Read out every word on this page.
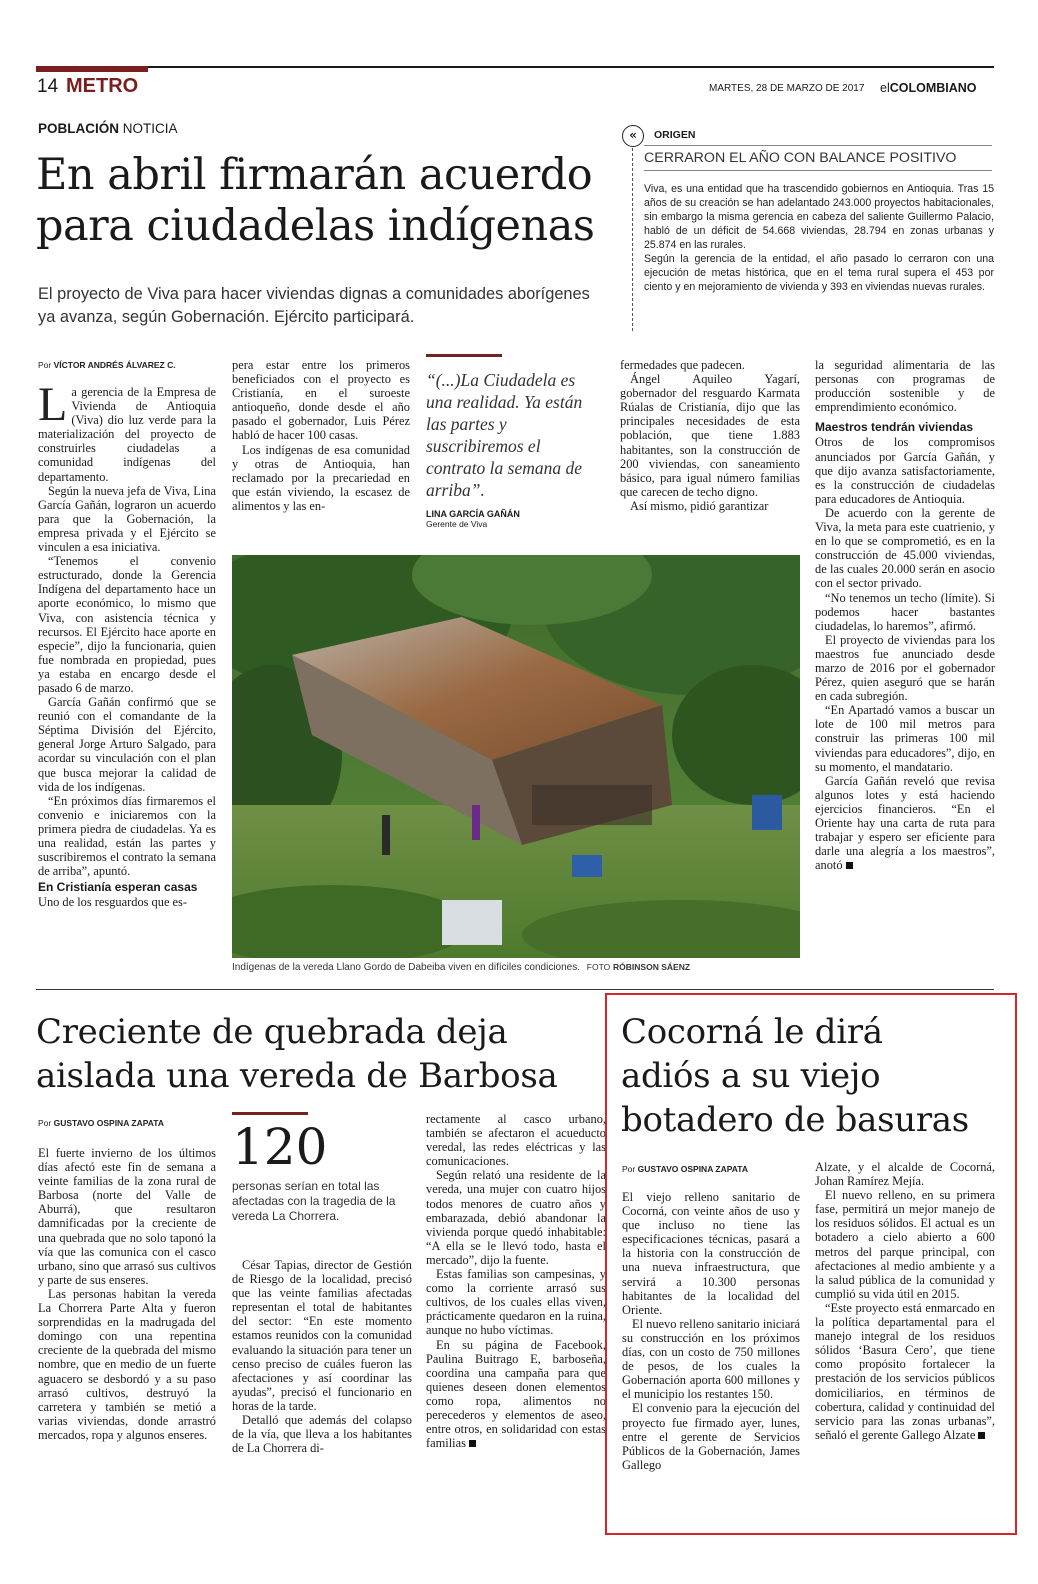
14 METRO	MARTES, 28 DE MARZO DE 2017 elCOLOMBIANO
POBLACIÓN NOTICIA
En abril firmarán acuerdo
para ciudadelas indígenas
El proyecto de Viva para hacer viviendas dignas a comunidades aborígenes ya avanza, según Gobernación. Ejército participará.
«	ORIGEN
CERRARON EL AÑO CON BALANCE POSITIVO
Viva, es una entidad que ha trascendido gobiernos en Antioquia. Tras 15 años de su creación se han adelantado 243.000 proyectos habitacionales, sin embargo la misma gerencia en cabeza del saliente Guillermo Palacio, habló de un déficit de 54.668 viviendas, 28.794 en zonas urbanas y 25.874 en las rurales.
Según la gerencia de la entidad, el año pasado lo cerraron con una ejecución de metas histórica, que en el tema rural supera el 453 por ciento y en mejoramiento de vivienda y 393 en viviendas nuevas rurales.
Por VÍCTOR ANDRÉS ÁLVAREZ C.

La gerencia de la Empresa de Vivienda de Antioquia (Viva) dio luz verde para la materialización del proyecto de construirles ciudadelas a comunidad indígenas del departamento.

Según la nueva jefa de Viva, Lina García Gañán, lograron un acuerdo para que la Gobernación, la empresa privada y el Ejército se vinculen a esa iniciativa.

“Tenemos el convenio estructurado, donde la Gerencia Indígena del departamento hace un aporte económico, lo mismo que Viva, con asistencia técnica y recursos. El Ejército hace aporte en especie”, dijo la funcionaria, quien fue nombrada en propiedad, pues ya estaba en encargo desde el pasado 6 de marzo.

García Gañán confirmó que se reunió con el comandante de la Séptima División del Ejército, general Jorge Arturo Salgado, para acordar su vinculación con el plan que busca mejorar la calidad de vida de los indígenas.

“En próximos días firmaremos el convenio e iniciaremos con la primera piedra de ciudadelas. Ya es una realidad, están las partes y suscribiremos el contrato la semana de arriba”, apuntó.

En Cristianía esperan casas

Uno de los resguardos que es-

pera estar entre los primeros beneficiados con el proyecto es Cristianía, en el suroeste antioqueño, donde desde el año pasado el gobernador, Luis Pérez habló de hacer 100 casas.

Los indígenas de esa comunidad y otras de Antioquia, han reclamado por la precariedad en que están viviendo, la escasez de alimentos y las en-

“(...)La Ciudadela es una realidad. Ya están las partes y suscribiremos el contrato la semana de arriba”.
LINA GARCÍA GAÑÁN
Gerente de Viva

fermedades que padecen.

Ángel Aquileo Yagarí, gobernador del resguardo Karmata Rúalas de Cristianía, dijo que las principales necesidades de esta población, que tiene 1.883 habitantes, son la construcción de 200 viviendas, con saneamiento básico, para igual número familias que carecen de techo digno.

Así mismo, pidió garantizar

la seguridad alimentaria de las personas con programas de producción sostenible y de emprendimiento económico.

Maestros tendrán viviendas

Otros de los compromisos anunciados por García Gañán, y que dijo avanza satisfactoriamente, es la construcción de ciudadelas para educadores de Antioquia.

De acuerdo con la gerente de Viva, la meta para este cuatrienio, y en lo que se comprometió, es en la construcción de 45.000 viviendas, de las cuales 20.000 serán en asocio con el sector privado.

“No tenemos un techo (límite). Si podemos hacer bastantes ciudadelas, lo haremos”, afirmó.

El proyecto de viviendas para los maestros fue anunciado desde marzo de 2016 por el gobernador Pérez, quien aseguró que se harán en cada subregión.

“En Apartadó vamos a buscar un lote de 100 mil metros para construir las primeras 100 mil viviendas para educadores”, dijo, en su momento, el mandatario.

García Gañán reveló que revisa algunos lotes y está haciendo ejercicios financieros. “En el Oriente hay una carta de ruta para trabajar y espero ser eficiente para darle una alegría a los maestros”, anotó

Indígenas de la vereda Llano Gordo de Dabeiba viven en difíciles condiciones. FOTO RÓBINSON SÁENZ
Creciente de quebrada deja
aislada una vereda de Barbosa
Por GUSTAVO OSPINA ZAPATA

El fuerte invierno de los últimos días afectó este fin de semana a veinte familias de la zona rural de Barbosa (norte del Valle de Aburrá), que resultaron damnificadas por la creciente de una quebrada que no solo taponó la vía que las comunica con el casco urbano, sino que arrasó sus cultivos y parte de sus enseres.

Las personas habitan la vereda La Chorrera Parte Alta y fueron sorprendidas en la madrugada del domingo con una repentina creciente de la quebrada del mismo nombre, que en medio de un fuerte aguacero se desbordó y a su paso arrasó cultivos, destruyó la carretera y también se metió a varias viviendas, donde arrastró mercados, ropa y algunos enseres.

120
personas serían en total las afectadas con la tragedia de la vereda La Chorrera.

César Tapias, director de Gestión de Riesgo de la localidad, precisó que las veinte familias afectadas representan el total de habitantes del sector: “En este momento estamos reunidos con la comunidad evaluando la situación para tener un censo preciso de cuáles fueron las afectaciones y así coordinar las ayudas”, precisó el funcionario en horas de la tarde.

Detalló que además del colapso de la vía, que lleva a los habitantes de La Chorrera di-

rectamente al casco urbano, también se afectaron el acueducto veredal, las redes eléctricas y las comunicaciones.

Según relató una residente de la vereda, una mujer con cuatro hijos todos menores de cuatro años y embarazada, debió abandonar la vivienda porque quedó inhabitable: “A ella se le llevó todo, hasta el mercado”, dijo la fuente.

Estas familias son campesinas, y como la corriente arrasó sus cultivos, de los cuales ellas viven, prácticamente quedaron en la ruina, aunque no hubo víctimas.

En su página de Facebook, Paulina Buitrago E, barboseña, coordina una campaña para que quienes deseen donen elementos como ropa, alimentos no perecederos y elementos de aseo, entre otros, en solidaridad con estas familias

Cocorná le dirá
adiós a su viejo
botadero de basuras
Por GUSTAVO OSPINA ZAPATA

El viejo relleno sanitario de Cocorná, con veinte años de uso y que incluso no tiene las especificaciones técnicas, pasará a la historia con la construcción de una nueva infraestructura, que servirá a 10.300 personas habitantes de la localidad del Oriente.

El nuevo relleno sanitario iniciará su construcción en los próximos días, con un costo de 750 millones de pesos, de los cuales la Gobernación aporta 600 millones y el municipio los restantes 150.

El convenio para la ejecución del proyecto fue firmado ayer, lunes, entre el gerente de Servicios Públicos de la Gobernación, James Gallego

Alzate, y el alcalde de Cocorná, Johan Ramírez Mejía.

El nuevo relleno, en su primera fase, permitirá un mejor manejo de los residuos sólidos. El actual es un botadero a cielo abierto a 600 metros del parque principal, con afectaciones al medio ambiente y a la salud pública de la comunidad y cumplió su vida útil en 2015.

“Este proyecto está enmarcado en la política departamental para el manejo integral de los residuos sólidos ‘Basura Cero’, que tiene como propósito fortalecer la prestación de los servicios públicos domiciliarios, en términos de cobertura, calidad y continuidad del servicio para las zonas urbanas”, señaló el gerente Gallego Alzate
